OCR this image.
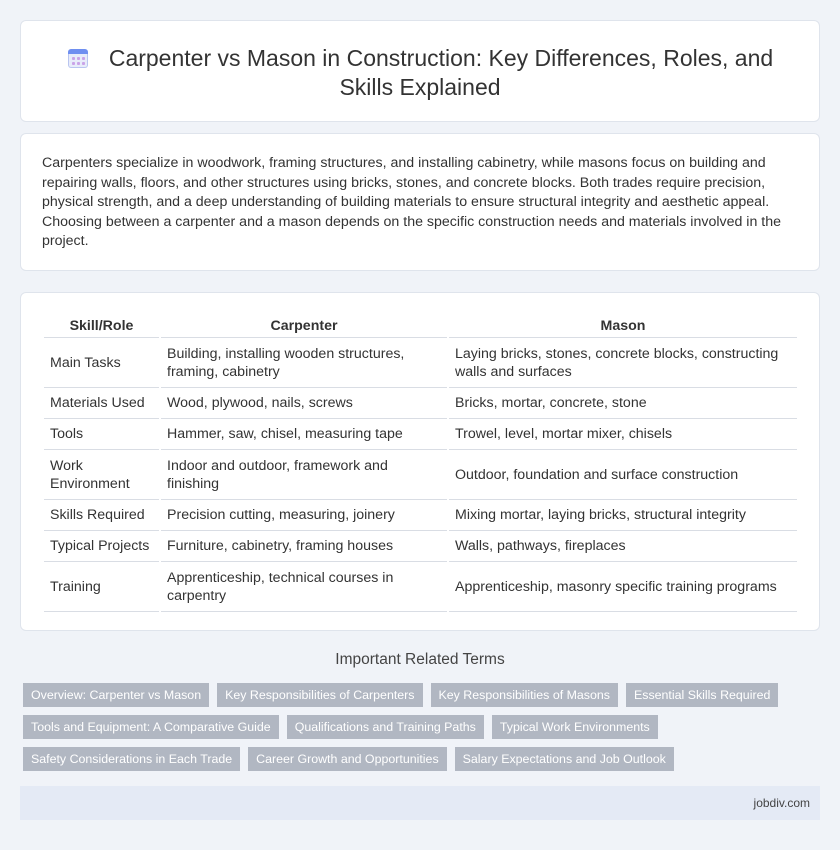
Carpenter vs Mason in Construction: Key Differences, Roles, and Skills Explained

Carpenters specialize in woodwork, framing structures, and installing cabinetry, while masons focus on building and repairing walls, floors, and other structures using bricks, stones, and concrete blocks. Both trades require precision, physical strength, and a deep understanding of building materials to ensure structural integrity and aesthetic appeal. Choosing between a carpenter and a mason depends on the specific construction needs and materials involved in the project.

Skill/Role	Carpenter	Mason
Main Tasks	Building, installing wooden structures, framing, cabinetry	Laying bricks, stones, concrete blocks, constructing walls and surfaces
Materials Used	Wood, plywood, nails, screws	Bricks, mortar, concrete, stone
Tools	Hammer, saw, chisel, measuring tape	Trowel, level, mortar mixer, chisels
Work Environment	Indoor and outdoor, framework and finishing	Outdoor, foundation and surface construction
Skills Required	Precision cutting, measuring, joinery	Mixing mortar, laying bricks, structural integrity
Typical Projects	Furniture, cabinetry, framing houses	Walls, pathways, fireplaces
Training	Apprenticeship, technical courses in carpentry	Apprenticeship, masonry specific training programs
Important Related Terms
Overview: Carpenter vs Mason	Key Responsibilities of Carpenters	Key Responsibilities of Masons	Essential Skills Required
Tools and Equipment: A Comparative Guide	Qualifications and Training Paths	Typical Work Environments
Safety Considerations in Each Trade	Career Growth and Opportunities	Salary Expectations and Job Outlook
jobdiv.com
